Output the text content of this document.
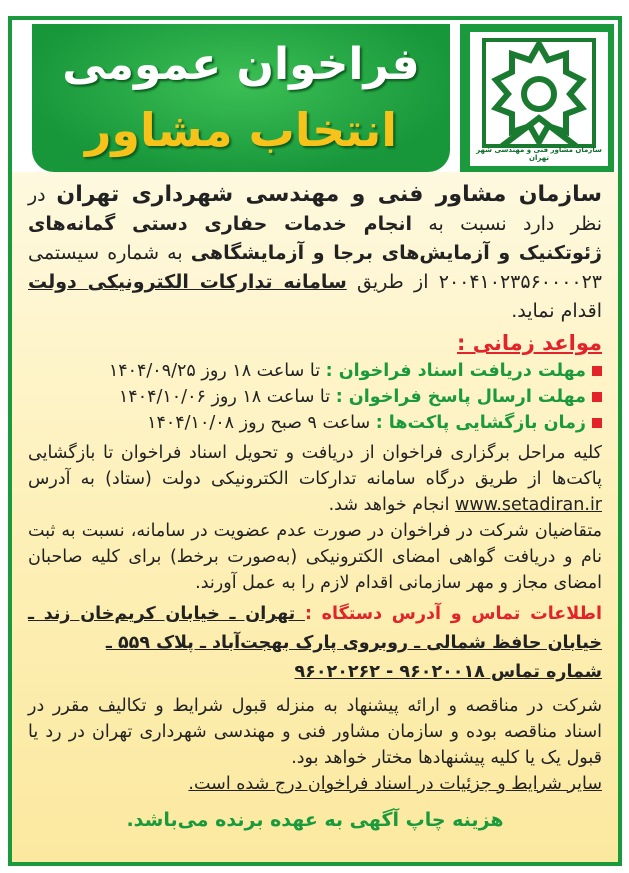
فراخوان عمومی
انتخاب مشاور	سازمان مشاور فنی و مهندسی شهر تهران

سازمان مشاور فنی و مهندسی شهرداری تهران در نظر دارد نسبت به انجام خدمات حفاری دستی گمانه‌های ژئوتکنیک و آزمایش‌های برجا و آزمایشگاهی به شماره سیستمی ۲۰۰۴۱۰۲۳۵۶۰۰۰۰۲۳ از طریق سامانه تدارکات الکترونیکی دولت اقدام نماید.

مواعد زمانی :
مهلت دریافت اسناد فراخوان : تا ساعت ۱۸ روز ۱۴۰۴/۰۹/۲۵
مهلت ارسال پاسخ فراخوان : تا ساعت ۱۸ روز ۱۴۰۴/۱۰/۰۶
زمان بازگشایی پاکت‌ها : ساعت ۹ صبح روز ۱۴۰۴/۱۰/۰۸

کلیه مراحل برگزاری فراخوان از دریافت و تحویل اسناد فراخوان تا بازگشایی پاکت‌ها از طریق درگاه سامانه تدارکات الکترونیکی دولت (ستاد) به آدرس www.setadiran.ir انجام خواهد شد.

متقاضیان شرکت در فراخوان در صورت عدم عضویت در سامانه، نسبت به ثبت نام و دریافت گواهی امضای الکترونیکی (به‌صورت برخط) برای کلیه صاحبان امضای مجاز و مهر سازمانی اقدام لازم را به عمل آورند.

اطلاعات تماس و آدرس دستگاه : تهران ـ خیابان کریم‌خان زند ـ خیابان حافظ شمالی ـ روبروی پارک بهجت‌آباد ـ پلاک ۵۵۹ ـ
شماره تماس ۹۶۰۲۰۰۱۸ - ۹۶۰۲۰۲۶۲

شرکت در مناقصه و ارائه پیشنهاد به منزله قبول شرایط و تکالیف مقرر در اسناد مناقصه بوده و سازمان مشاور فنی و مهندسی شهرداری تهران در رد یا قبول یک یا کلیه پیشنهادها مختار خواهد بود.

سایر شرایط و جزئیات در اسناد فراخوان درج شده است.

هزینه چاپ آگهی به عهده برنده می‌باشد.
